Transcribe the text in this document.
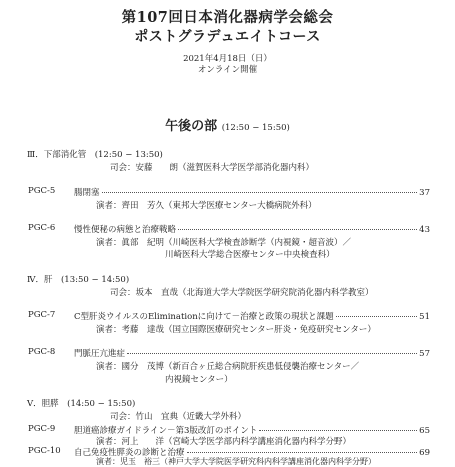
第107回日本消化器病学会総会
ポストグラデュエイトコース
2021年4月18日（日）
オンライン開催
午後の部 (12:50 − 15:50)
Ⅲ．下部消化管　(12:50 − 13:50)
司会：安藤　　朗（滋賀医科大学医学部消化器内科）
PGC-5 腸閉塞	37
演者：齊田　芳久（東邦大学医療センター大橋病院外科）
PGC-6 慢性便秘の病態と治療戦略	43
演者：眞部　紀明（川崎医科大学検査診断学（内視鏡・超音波）／
川崎医科大学総合医療センター中央検査科）
Ⅳ．肝　(13:50 − 14:50)
司会：坂本　直哉（北海道大学大学院医学研究院消化器内科学教室）
PGC-7 C型肝炎ウイルスのEliminationに向けて－治療と政策の現状と課題	51
演者：考藤　達哉（国立国際医療研究センター肝炎・免疫研究センター）
PGC-8 門脈圧亢進症	57
演者：國分　茂博（新百合ヶ丘総合病院肝疾患低侵襲治療センター／
内視鏡センター）
Ⅴ．胆膵　(14:50 − 15:50)
司会：竹山　宜典（近畿大学外科）
PGC-9 胆道癌診療ガイドライン－第3版改訂のポイント	65
演者：河上　　洋（宮崎大学医学部内科学講座消化器内科学分野）
PGC-10 自己免疫性膵炎の診断と治療	69
演者：児玉　裕三（神戸大学大学院医学研究科内科学講座消化器内科学分野）
